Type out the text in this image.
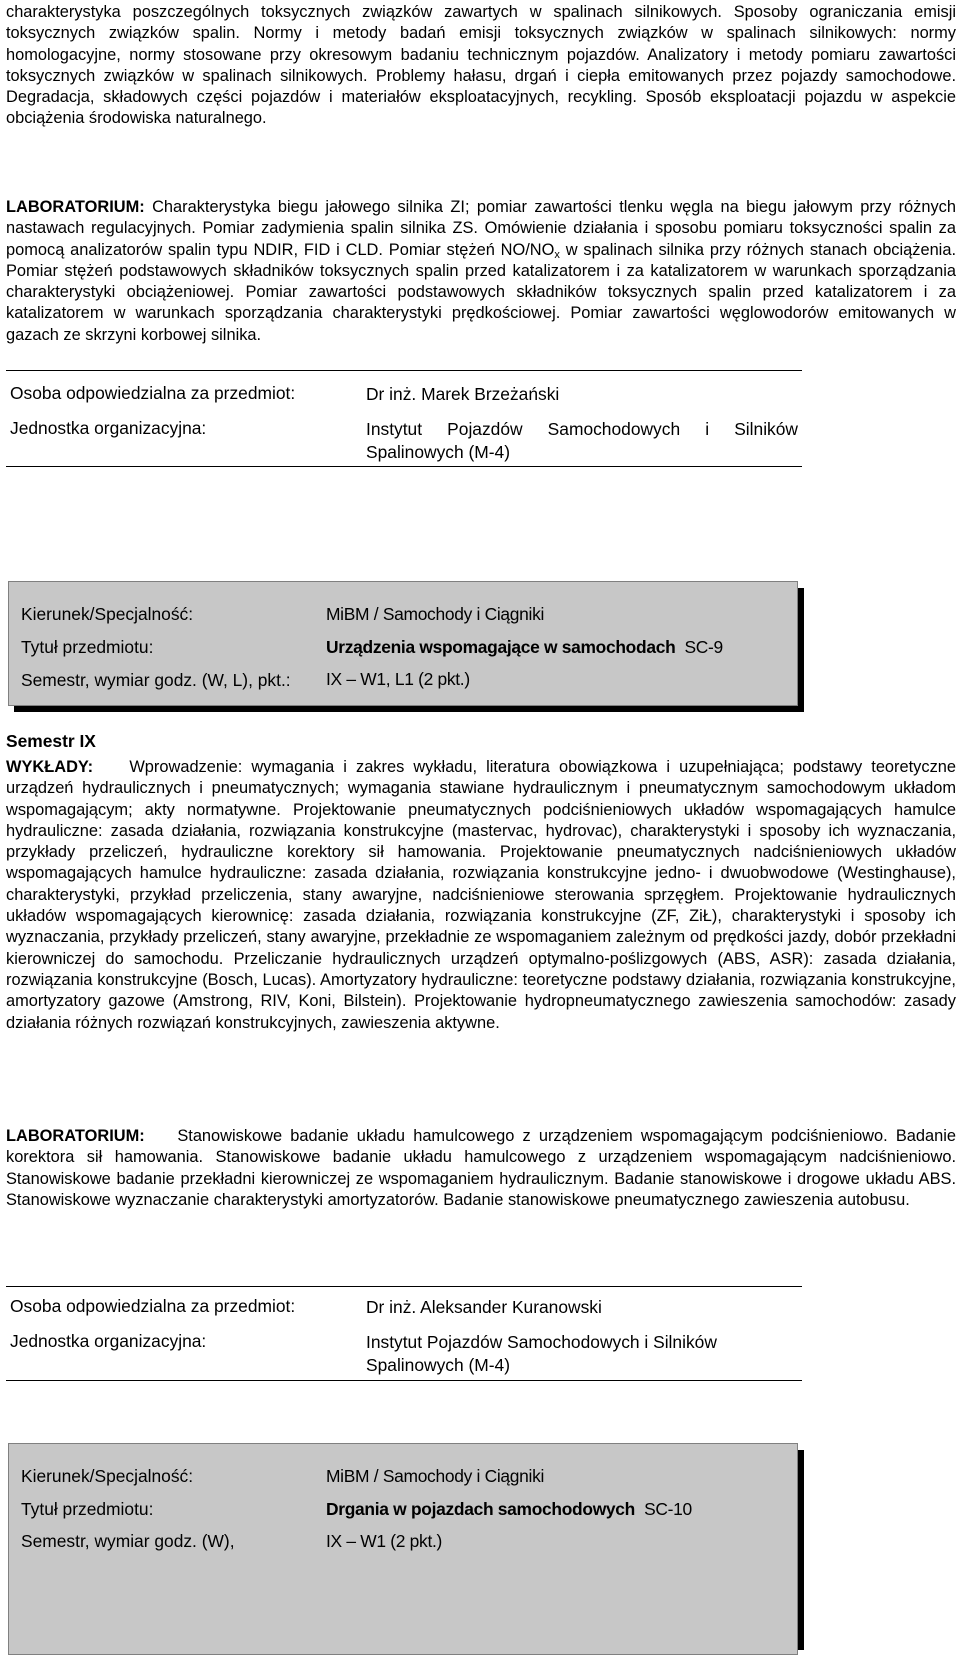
charakterystyka poszczególnych toksycznych związków zawartych w spalinach silnikowych. Sposoby ograniczania emisji toksycznych związków spalin. Normy i metody badań emisji toksycznych związków w spalinach silnikowych: normy homologacyjne, normy stosowane przy okresowym badaniu technicznym pojazdów. Analizatory i metody pomiaru zawartości toksycznych związków w spalinach silnikowych. Problemy hałasu, drgań i ciepła emitowanych przez pojazdy samochodowe. Degradacja, składowych części pojazdów i materiałów eksploatacyjnych, recykling. Sposób eksploatacji pojazdu w aspekcie obciążenia środowiska naturalnego.

LABORATORIUM: Charakterystyka biegu jałowego silnika ZI; pomiar zawartości tlenku węgla na biegu jałowym przy różnych nastawach regulacyjnych. Pomiar zadymienia spalin silnika ZS. Omówienie działania i sposobu pomiaru toksyczności spalin za pomocą analizatorów spalin typu NDIR, FID i CLD. Pomiar stężeń $NO/NO_x$ w spalinach silnika przy różnych stanach obciążenia. Pomiar stężeń podstawowych składników toksycznych spalin przed katalizatorem i za katalizatorem w warunkach sporządzania charakterystyki obciążeniowej. Pomiar zawartości podstawowych składników toksycznych spalin przed katalizatorem i za katalizatorem w warunkach sporządzania charakterystyki prędkościowej. Pomiar zawartości węglowodorów emitowanych w gazach ze skrzyni korbowej silnika.

Osoba odpowiedzialna za przedmiot:	Dr inż. Marek Brzeżański
Jednostka organizacyjna:	Instytut Pojazdów Samochodowych i Silników Spalinowych (M-4)
Kierunek/Specjalność:	MiBM / Samochody i Ciągniki
Tytuł przedmiotu:	Urządzenia wspomagające w samochodach SC-9
Semestr, wymiar godz. (W, L), pkt.:	IX – W1, L1 (2 pkt.)
Semestr IX

WYKŁADY: Wprowadzenie: wymagania i zakres wykładu, literatura obowiązkowa i uzupełniająca; podstawy teoretyczne urządzeń hydraulicznych i pneumatycznych; wymagania stawiane hydraulicznym i pneumatycznym samochodowym układom wspomagającym; akty normatywne. Projektowanie pneumatycznych podciśnieniowych układów wspomagających hamulce hydrauliczne: zasada działania, rozwiązania konstrukcyjne (mastervac, hydrovac), charakterystyki i sposoby ich wyznaczania, przykłady przeliczeń, hydrauliczne korektory sił hamowania. Projektowanie pneumatycznych nadciśnieniowych układów wspomagających hamulce hydrauliczne: zasada działania, rozwiązania konstrukcyjne jedno- i dwuobwodowe (Westinghause), charakterystyki, przykład przeliczenia, stany awaryjne, nadciśnieniowe sterowania sprzęgłem. Projektowanie hydraulicznych układów wspomagających kierownicę: zasada działania, rozwiązania konstrukcyjne (ZF, ZiŁ), charakterystyki i sposoby ich wyznaczania, przykłady przeliczeń, stany awaryjne, przekładnie ze wspomaganiem zależnym od prędkości jazdy, dobór przekładni kierowniczej do samochodu. Przeliczanie hydraulicznych urządzeń optymalno-poślizgowych (ABS, ASR): zasada działania, rozwiązania konstrukcyjne (Bosch, Lucas). Amortyzatory hydrauliczne: teoretyczne podstawy działania, rozwiązania konstrukcyjne, amortyzatory gazowe (Amstrong, RIV, Koni, Bilstein). Projektowanie hydropneumatycznego zawieszenia samochodów: zasady działania różnych rozwiązań konstrukcyjnych, zawieszenia aktywne.

LABORATORIUM: Stanowiskowe badanie układu hamulcowego z urządzeniem wspomagającym podciśnieniowo. Badanie korektora sił hamowania. Stanowiskowe badanie układu hamulcowego z urządzeniem wspomagającym nadciśnieniowo. Stanowiskowe badanie przekładni kierowniczej ze wspomaganiem hydraulicznym. Badanie stanowiskowe i drogowe układu ABS. Stanowiskowe wyznaczanie charakterystyki amortyzatorów. Badanie stanowiskowe pneumatycznego zawieszenia autobusu.

Osoba odpowiedzialna za przedmiot:	Dr inż. Aleksander Kuranowski
Jednostka organizacyjna:	Instytut Pojazdów Samochodowych i Silników Spalinowych (M-4)
Kierunek/Specjalność:	MiBM / Samochody i Ciągniki
Tytuł przedmiotu:	Drgania w pojazdach samochodowych SC-10
Semestr, wymiar godz. (W),	IX – W1 (2 pkt.)
